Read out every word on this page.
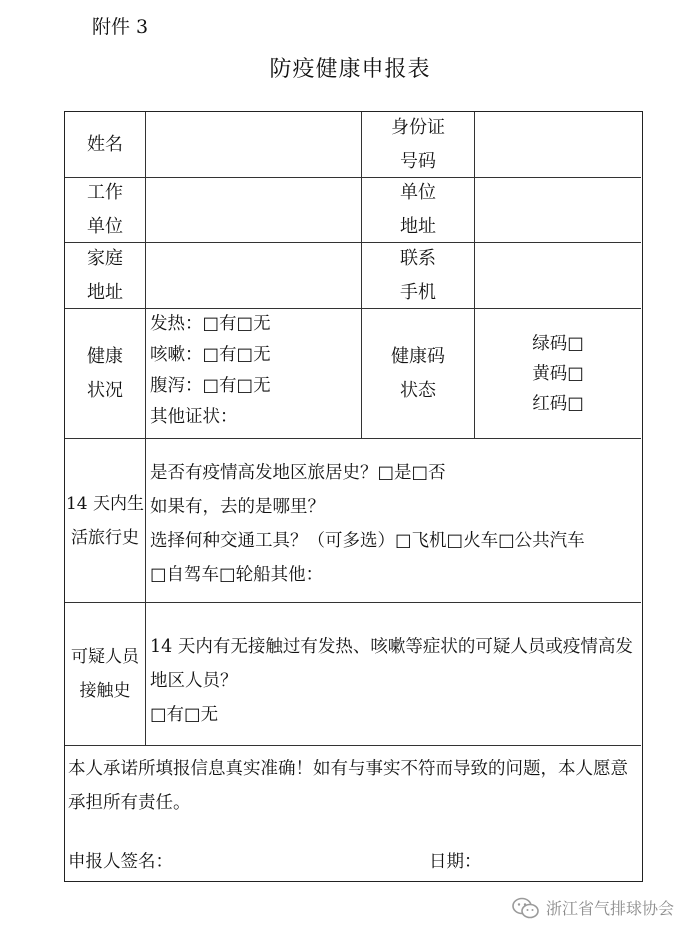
附件 3
防疫健康申报表
姓名
身份证
号码
工作
单位
单位
地址
家庭
地址
联系
手机
健康
状况
发热：□有□无
咳嗽：□有□无
腹泻：□有□无
其他证状：
健康码
状态
绿码□
黄码□
红码□
14 天内生
活旅行史
是否有疫情高发地区旅居史？□是□否
如果有，去的是哪里？
选择何种交通工具？（可多选）□飞机□火车□公共汽车
□自驾车□轮船其他：
可疑人员
接触史
14 天内有无接触过有发热、咳嗽等症状的可疑人员或疫情高发
地区人员？
□有□无
本人承诺所填报信息真实准确！如有与事实不符而导致的问题，本人愿意
承担所有责任。
申报人签名：	日期：
浙江省气排球协会
